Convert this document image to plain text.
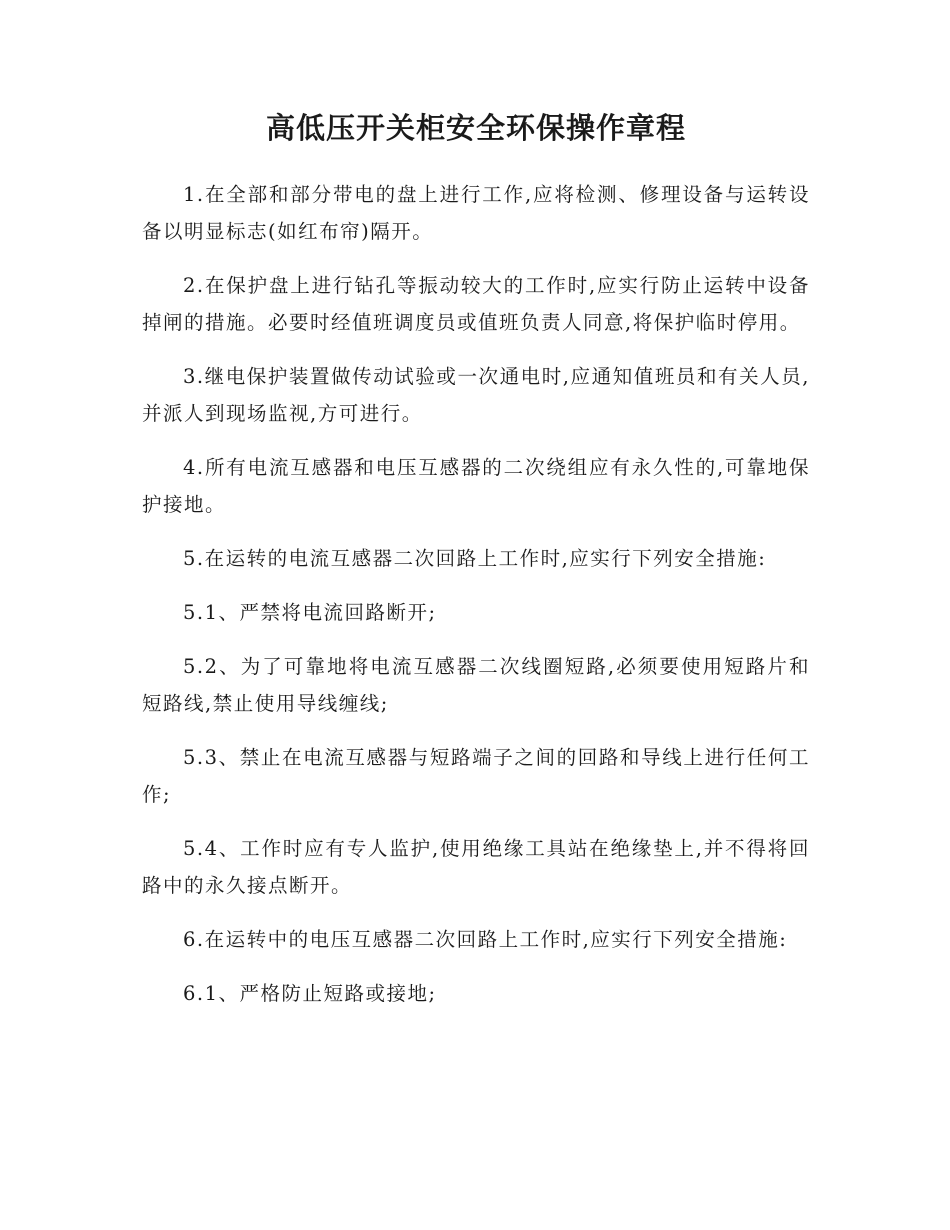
高低压开关柜安全环保操作章程

1.在全部和部分带电的盘上进行工作,应将检测、修理设备与运转设备以明显标志(如红布帘)隔开。

2.在保护盘上进行钻孔等振动较大的工作时,应实行防止运转中设备掉闸的措施。必要时经值班调度员或值班负责人同意,将保护临时停用。

3.继电保护装置做传动试验或一次通电时,应通知值班员和有关人员,并派人到现场监视,方可进行。

4.所有电流互感器和电压互感器的二次绕组应有永久性的,可靠地保护接地。

5.在运转的电流互感器二次回路上工作时,应实行下列安全措施:

5.1、严禁将电流回路断开;

5.2、为了可靠地将电流互感器二次线圈短路,必须要使用短路片和短路线,禁止使用导线缠线;

5.3、禁止在电流互感器与短路端子之间的回路和导线上进行任何工作;

5.4、工作时应有专人监护,使用绝缘工具站在绝缘垫上,并不得将回路中的永久接点断开。

6.在运转中的电压互感器二次回路上工作时,应实行下列安全措施:

6.1、严格防止短路或接地;
